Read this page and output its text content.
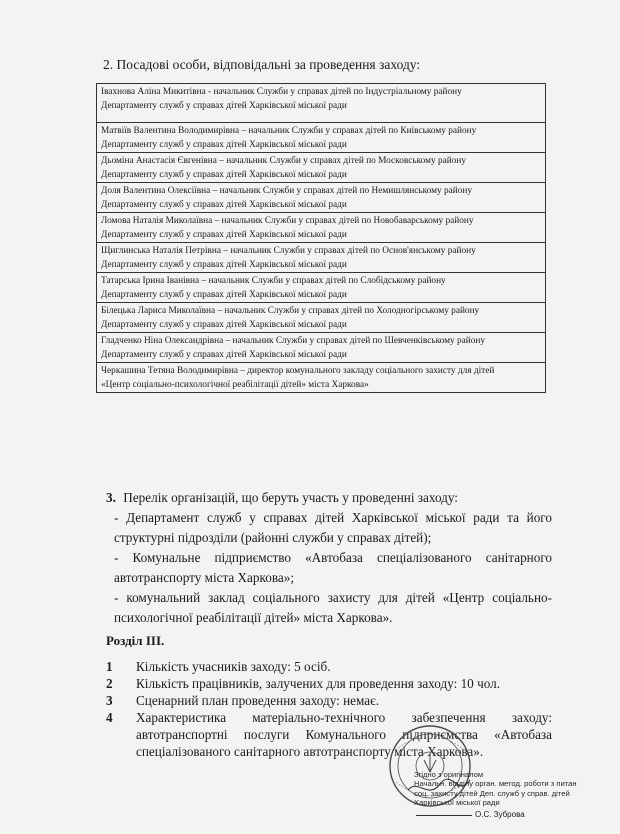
2. Посадові особи, відповідальні за проведення заходу:
Іваxнова Аліна Микитівна - начальник Служби у справах дітей по Індустріальному району
Департаменту служб у справах дітей Харківської міської ради

Матвіїв Валентина Володимирівна – начальник Служби у справах дітей по Київському району
Департаменту служб у справах дітей Харківської міської ради

Дьоміна Анастасія Євгенівна – начальник Служби у справах дітей по Московському району
Департаменту служб у справах дітей Харківської міської ради

Доля Валентина Олексіївна – начальник Служби у справах дітей по Немишлянському району
Департаменту служб у справах дітей Харківської міської ради

Ломова Наталія Миколаївна – начальник Служби у справах дітей по Новобаварському району
Департаменту служб у справах дітей Харківської міської ради

Щиглинська Наталія Петрівна – начальник Служби у справах дітей по Основ'янському району
Департаменту служб у справах дітей Харківської міської ради

Татарська Ірина Іванівна – начальник Служби у справах дітей по Слобідському району
Департаменту служб у справах дітей Харківської міської ради

Білецька Лариса Миколаївна – начальник Служби у справах дітей по Холодногірському району
Департаменту служб у справах дітей Харківської міської ради

Гладченко Ніна Олександрівна – начальник Служби у справах дітей по Шевченківському району
Департаменту служб у справах дітей Харківської міської ради

Черкашина Тетяна Володимирівна – директор комунального закладу соціального захисту для дітей
«Центр соціально-психологічної реабілітації дітей» міста Харкова»
3. Перелік організацій, що беруть участь у проведенні заходу:
- Департамент служб у справах дітей Харківської міської ради та його структурні підрозділи (районні служби у справах дітей);
- Комунальне підприємство «Автобаза спеціалізованого санітарного автотранспорту міста Харкова»;
- комунальний заклад соціального захисту для дітей «Центр соціально-психологічної реабілітації дітей» міста Харкова».
Розділ ІІІ.
1	Кількість учасників заходу: 5 осіб.
2	Кількість працівників, залучених для проведення заходу: 10 чол.
3	Сценарний план проведення заходу: немає.
4	Характеристика матеріально-технічного забезпечення заходу: автотранспортні послуги Комунального підприємства «Автобаза спеціалізованого санітарного автотранспорту міста Харкова».
Згідно з оригіналом
Начальн. відділу орган. метод. роботи з питан
соц. захисту дітей Деп. служб у справ. дітей
Харківської міської ради
О.С. Зуброва
